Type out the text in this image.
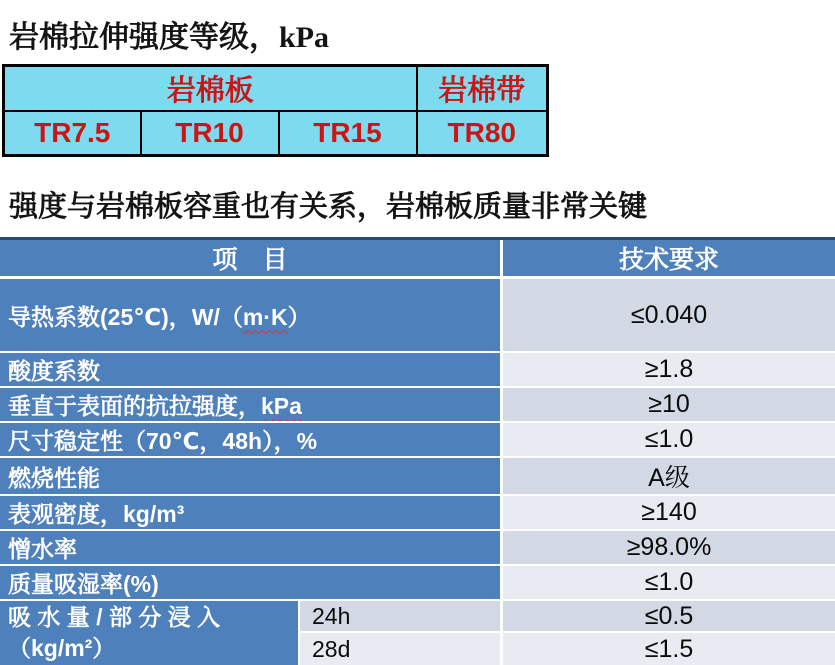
岩棉拉伸强度等级，kPa
岩棉板			岩棉带
TR7.5	TR10	TR15	TR80
强度与岩棉板容重也有关系，岩棉板质量非常关键
项　目		技术要求
导热系数(25℃)，W/（m·K）		≤0.040
酸度系数		≥1.8
垂直于表面的抗拉强度，kPa		≥10
尺寸稳定性（70℃，48h），%		≤1.0
燃烧性能		A级
表观密度，kg/m³		≥140
憎水率		≥98.0%
质量吸湿率(%)		≤1.0

吸 水 量 / 部 分 浸 入
（kg/m²）	24h	≤0.5
	28d	≤1.5
